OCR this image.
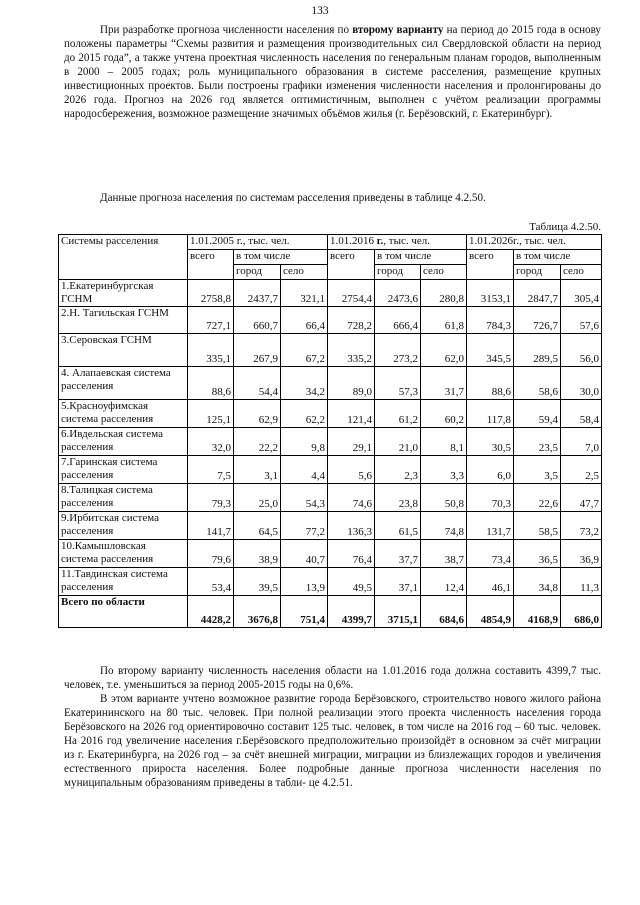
133

При разработке прогноза численности населения по второму варианту на период до 2015 года в основу положены параметры “Схемы развития и размещения производительных сил Свердловской области на период до 2015 года”, а также учтена проектная численность населения по генеральным планам городов, выполненным в 2000 – 2005 годах; роль муниципального образования в системе расселения, размещение крупных инвестиционных проектов. Были построены графики изменения численности населения и пролонгированы до 2026 года. Прогноз на 2026 год является оптимистичным, выполнен с учётом реализации программы народосбережения, возможное размещение значимых объёмов жилья (г. Берёзовский, г. Екатеринбург).

Данные прогноза населения по системам расселения приведены в таблице 4.2.50.

Таблица 4.2.50.
Системы расселения	1.01.2005 г., тыс. чел.			1.01.2016 г., тыс. чел.			1.01.2026г., тыс. чел.		
	всего	в том числе		всего	в том числе		всего	в том числе	
		город	село		город	село		город	село
1.Екатеринбургская ГСНМ	2758,8	2437,7	321,1	2754,4	2473,6	280,8	3153,1	2847,7	305,4
2.Н. Тагильская ГСНМ	727,1	660,7	66,4	728,2	666,4	61,8	784,3	726,7	57,6
3.Серовская ГСНМ	335,1	267,9	67,2	335,2	273,2	62,0	345,5	289,5	56,0
4. Алапаевская система расселения	88,6	54,4	34,2	89,0	57,3	31,7	88,6	58,6	30,0
5.Красноуфимская система расселения	125,1	62,9	62,2	121,4	61,2	60,2	117,8	59,4	58,4
6.Ивдельская система расселения	32,0	22,2	9,8	29,1	21,0	8,1	30,5	23,5	7,0
7.Гаринская система расселения	7,5	3,1	4,4	5,6	2,3	3,3	6,0	3,5	2,5
8.Талицкая система расселения	79,3	25,0	54,3	74,6	23,8	50,8	70,3	22,6	47,7
9.Ирбитская система расселения	141,7	64,5	77,2	136,3	61,5	74,8	131,7	58,5	73,2
10.Камышловская система расселения	79,6	38,9	40,7	76,4	37,7	38,7	73,4	36,5	36,9
11.Тавдинская система расселения	53,4	39,5	13,9	49,5	37,1	12,4	46,1	34,8	11,3
Всего по области	4428,2	3676,8	751,4	4399,7	3715,1	684,6	4854,9	4168,9	686,0

По второму варианту численность населения области на 1.01.2016 года должна составить 4399,7 тыс. человек, т.е. уменьшиться за период 2005-2015 годы на 0,6%.

В этом варианте учтено возможное развитие города Берёзовского, строительство нового жилого района Екатерининского на 80 тыс. человек. При полной реализации этого проекта численность населения города Берёзовского на 2026 год ориентировочно составит 125 тыс. человек, в том числе на 2016 год – 60 тыс. человек. На 2016 год увеличение населения г.Берёзовского предположительно произойдёт в основном за счёт миграции из г. Екатеринбурга, на 2026 год – за счёт внешней миграции, миграции из близлежащих городов и увеличения естественного прироста населения. Более подробные данные прогноза численности населения по муниципальным образованиям приведены в табли- це 4.2.51.
